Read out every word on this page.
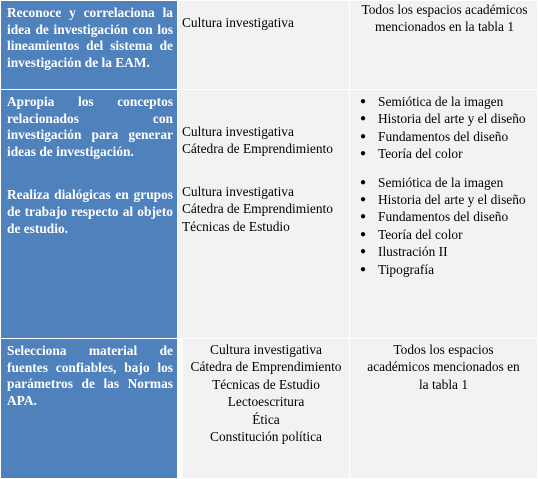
Reconoce y correlaciona la idea de investigación con los lineamientos del sistema de investigación de la EAM.
Cultura investigativa
Todos los espacios académicos mencionados en la tabla 1
Apropia los conceptos relacionados con investigación para generar ideas de investigación.
Realiza dialógicas en grupos de trabajo respecto al objeto de estudio.
Cultura investigativa
Cátedra de Emprendimiento
Cultura investigativa
Cátedra de Emprendimiento
Técnicas de Estudio
● Semiótica de la imagen
● Historia del arte y el diseño
● Fundamentos del diseño
● Teoría del color
● Semiótica de la imagen
● Historia del arte y el diseño
● Fundamentos del diseño
● Teoría del color
● Ilustración II
● Tipografía
Selecciona material de fuentes confiables, bajo los parámetros de las Normas APA.
Cultura investigativa
Cátedra de Emprendimiento
Técnicas de Estudio
Lectoescritura
Ética
Constitución política
Todos los espacios académicos mencionados en la tabla 1
